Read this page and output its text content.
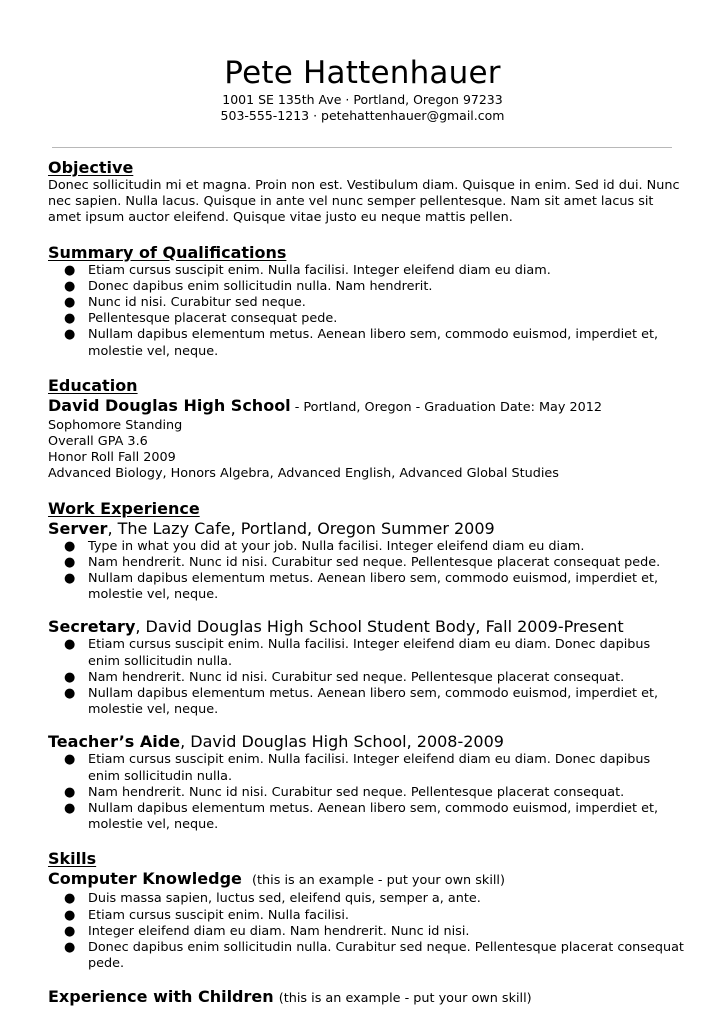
Pete Hattenhauer
1001 SE 135th Ave · Portland, Oregon 97233
503-555-1213 · petehattenhauer@gmail.com
Objective

Donec sollicitudin mi et magna. Proin non est. Vestibulum diam. Quisque in enim. Sed id dui. Nunc nec sapien. Nulla lacus. Quisque in ante vel nunc semper pellentesque. Nam sit amet lacus sit amet ipsum auctor eleifend. Quisque vitae justo eu neque mattis pellen.

Summary of Qualifications
● Etiam cursus suscipit enim. Nulla facilisi. Integer eleifend diam eu diam.
● Donec dapibus enim sollicitudin nulla. Nam hendrerit.
● Nunc id nisi. Curabitur sed neque.
● Pellentesque placerat consequat pede.
● Nullam dapibus elementum metus. Aenean libero sem, commodo euismod, imperdiet et, molestie vel, neque.
Education
David Douglas High School - Portland, Oregon - Graduation Date: May 2012

Sophomore Standing

Overall GPA 3.6

Honor Roll Fall 2009

Advanced Biology, Honors Algebra, Advanced English, Advanced Global Studies

Work Experience
Server, The Lazy Cafe, Portland, Oregon Summer 2009
● Type in what you did at your job. Nulla facilisi. Integer eleifend diam eu diam.
● Nam hendrerit. Nunc id nisi. Curabitur sed neque. Pellentesque placerat consequat pede.
● Nullam dapibus elementum metus. Aenean libero sem, commodo euismod, imperdiet et, molestie vel, neque.
Secretary, David Douglas High School Student Body, Fall 2009-Present
● Etiam cursus suscipit enim. Nulla facilisi. Integer eleifend diam eu diam. Donec dapibus enim sollicitudin nulla.
● Nam hendrerit. Nunc id nisi. Curabitur sed neque. Pellentesque placerat consequat.
● Nullam dapibus elementum metus. Aenean libero sem, commodo euismod, imperdiet et, molestie vel, neque.
Teacher’s Aide, David Douglas High School, 2008-2009
● Etiam cursus suscipit enim. Nulla facilisi. Integer eleifend diam eu diam. Donec dapibus enim sollicitudin nulla.
● Nam hendrerit. Nunc id nisi. Curabitur sed neque. Pellentesque placerat consequat.
● Nullam dapibus elementum metus. Aenean libero sem, commodo euismod, imperdiet et, molestie vel, neque.
Skills
Computer Knowledge (this is an example - put your own skill)
● Duis massa sapien, luctus sed, eleifend quis, semper a, ante.
● Etiam cursus suscipit enim. Nulla facilisi.
● Integer eleifend diam eu diam. Nam hendrerit. Nunc id nisi.
● Donec dapibus enim sollicitudin nulla. Curabitur sed neque. Pellentesque placerat consequat pede.
Experience with Children (this is an example - put your own skill)
